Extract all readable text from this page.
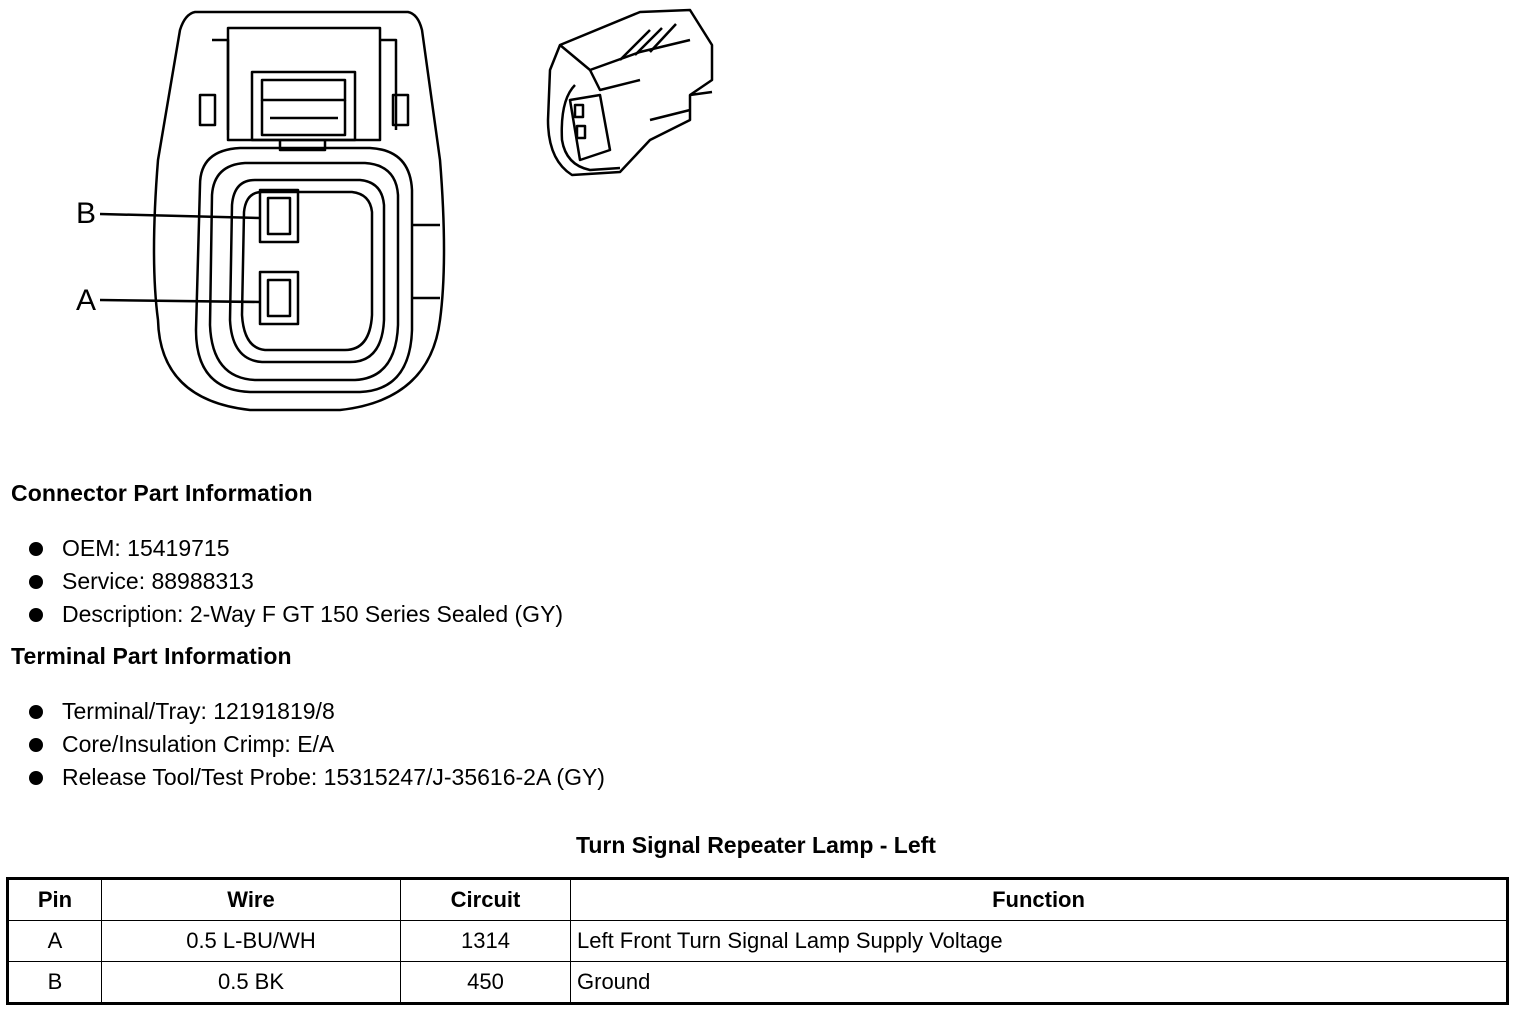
B
A
Connector Part Information
OEM: 15419715
Service: 88988313
Description: 2-Way F GT 150 Series Sealed (GY)
Terminal Part Information
Terminal/Tray: 12191819/8
Core/Insulation Crimp: E/A
Release Tool/Test Probe: 15315247/J-35616-2A (GY)
Turn Signal Repeater Lamp - Left
Pin	Wire	Circuit	Function
A	0.5 L-BU/WH	1314	Left Front Turn Signal Lamp Supply Voltage
B	0.5 BK	450	Ground
